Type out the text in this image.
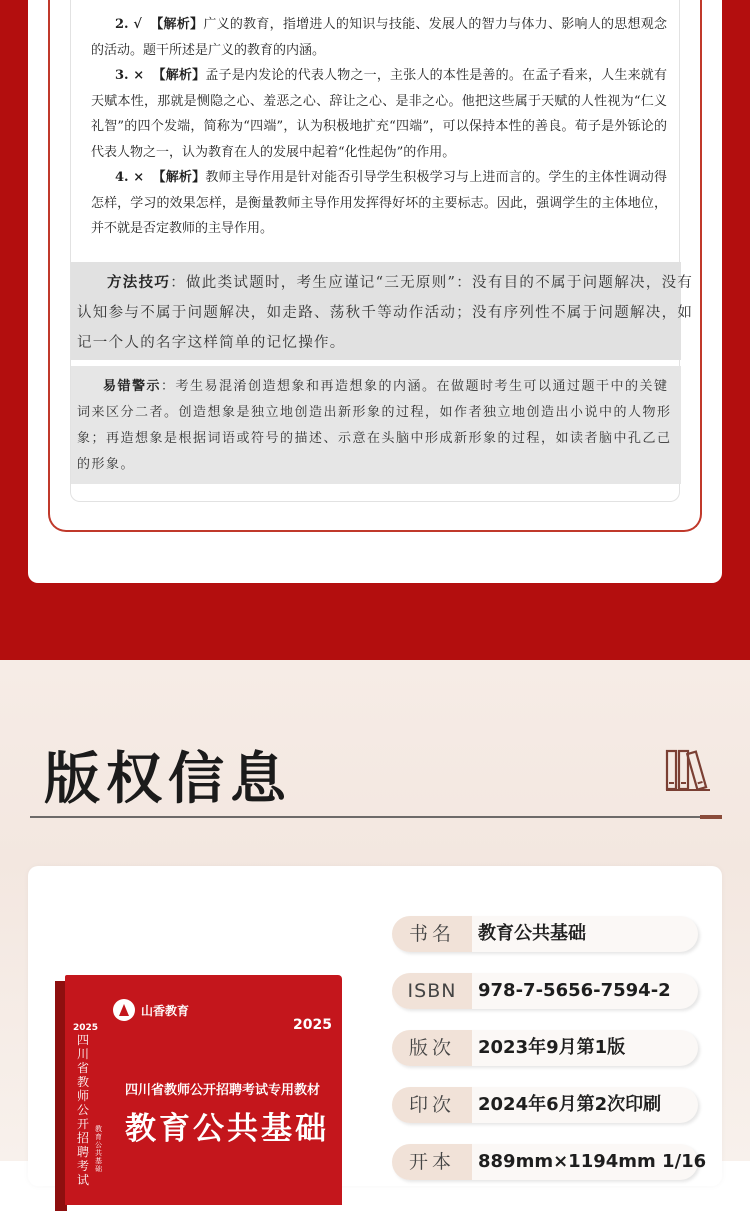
2. √ 【解析】广义的教育，指增进人的知识与技能、发展人的智力与体力、影响人的思想观念的活动。题干所述是广义的教育的内涵。

3. × 【解析】孟子是内发论的代表人物之一，主张人的本性是善的。在孟子看来，人生来就有天赋本性，那就是恻隐之心、羞恶之心、辞让之心、是非之心。他把这些属于天赋的人性视为“仁义礼智”的四个发端，简称为“四端”，认为积极地扩充“四端”，可以保持本性的善良。荀子是外铄论的代表人物之一，认为教育在人的发展中起着“化性起伪”的作用。

4. × 【解析】教师主导作用是针对能否引导学生积极学习与上进而言的。学生的主体性调动得怎样，学习的效果怎样，是衡量教师主导作用发挥得好坏的主要标志。因此，强调学生的主体地位，并不就是否定教师的主导作用。

方法技巧：做此类试题时，考生应谨记“三无原则”：没有目的不属于问题解决，没有认知参与不属于问题解决，如走路、荡秋千等动作活动；没有序列性不属于问题解决，如记一个人的名字这样简单的记忆操作。

易错警示：考生易混淆创造想象和再造想象的内涵。在做题时考生可以通过题干中的关键词来区分二者。创造想象是独立地创造出新形象的过程，如作者独立地创造出小说中的人物形象；再造想象是根据词语或符号的描述、示意在头脑中形成新形象的过程，如读者脑中孔乙己的形象。

版权信息
山香教育
2025	2025
四川省教师公开招聘考试
教育公共基础
四川省教师公开招聘考试专用教材
教育公共基础
书名	教育公共基础
ISBN	978-7-5656-7594-2
版次	2023年9月第1版
印次	2024年6月第2次印刷
开本	889mm×1194mm 1/16
